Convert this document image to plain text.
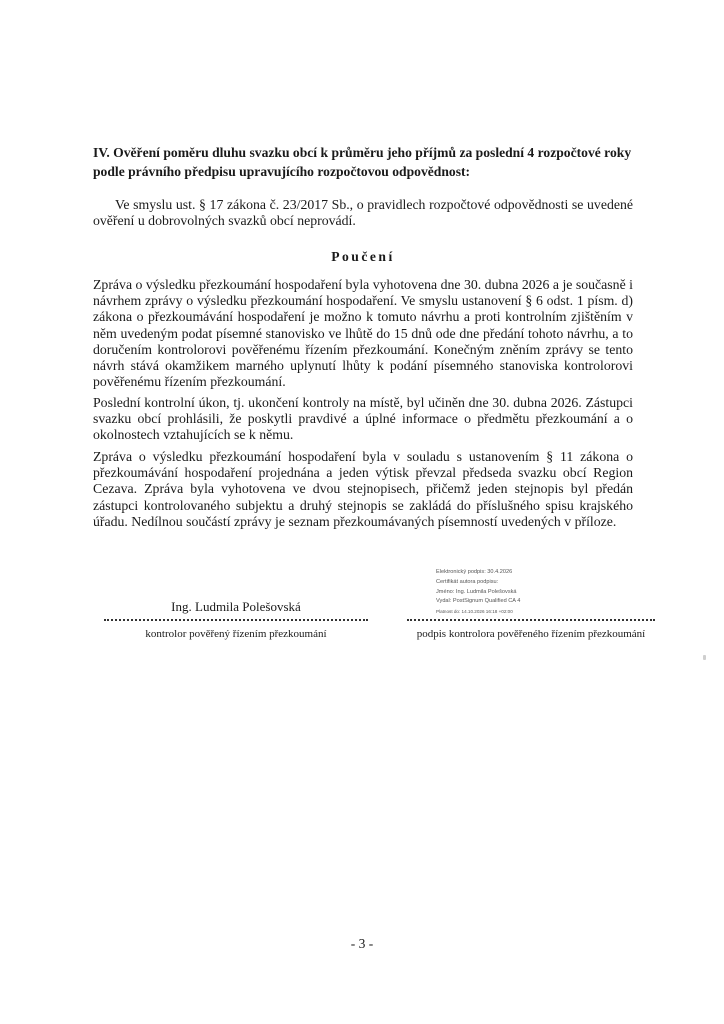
IV. Ověření poměru dluhu svazku obcí k průměru jeho příjmů za poslední 4 rozpočtové roky podle právního předpisu upravujícího rozpočtovou odpovědnost:

Ve smyslu ust. § 17 zákona č. 23/2017 Sb., o pravidlech rozpočtové odpovědnosti se uvedené ověření u dobrovolných svazků obcí neprovádí.

Poučení

Zpráva o výsledku přezkoumání hospodaření byla vyhotovena dne 30. dubna 2026 a je současně i návrhem zprávy o výsledku přezkoumání hospodaření. Ve smyslu ustanovení § 6 odst. 1 písm. d) zákona o přezkoumávání hospodaření je možno k tomuto návrhu a proti kontrolním zjištěním v něm uvedeným podat písemné stanovisko ve lhůtě do 15 dnů ode dne předání tohoto návrhu, a to doručením kontrolorovi pověřenému řízením přezkoumání. Konečným zněním zprávy se tento návrh stává okamžikem marného uplynutí lhůty k podání písemného stanoviska kontrolorovi pověřenému řízením přezkoumání.

Poslední kontrolní úkon, tj. ukončení kontroly na místě, byl učiněn dne 30. dubna 2026. Zástupci svazku obcí prohlásili, že poskytli pravdivé a úplné informace o předmětu přezkoumání a o okolnostech vztahujících se k němu.

Zpráva o výsledku přezkoumání hospodaření byla v souladu s ustanovením § 11 zákona o přezkoumávání hospodaření projednána a jeden výtisk převzal předseda svazku obcí Region Cezava. Zpráva byla vyhotovena ve dvou stejnopisech, přičemž jeden stejnopis byl předán zástupci kontrolovaného subjektu a druhý stejnopis se zakládá do příslušného spisu krajského úřadu. Nedílnou součástí zprávy je seznam přezkoumávaných písemností uvedených v příloze.

Elektronický podpis: 30.4.2026
Certifikát autora podpisu:
Jméno: Ing. Ludmila Polešovská
Vydal: PostSignum Qualified CA 4
Platnost do: 14.10.2026 16:18 +02:00
Ing. Ludmila Polešovská
kontrolor pověřený řízením přezkoumání	podpis kontrolora pověřeného řízením přezkoumání
- 3 -
